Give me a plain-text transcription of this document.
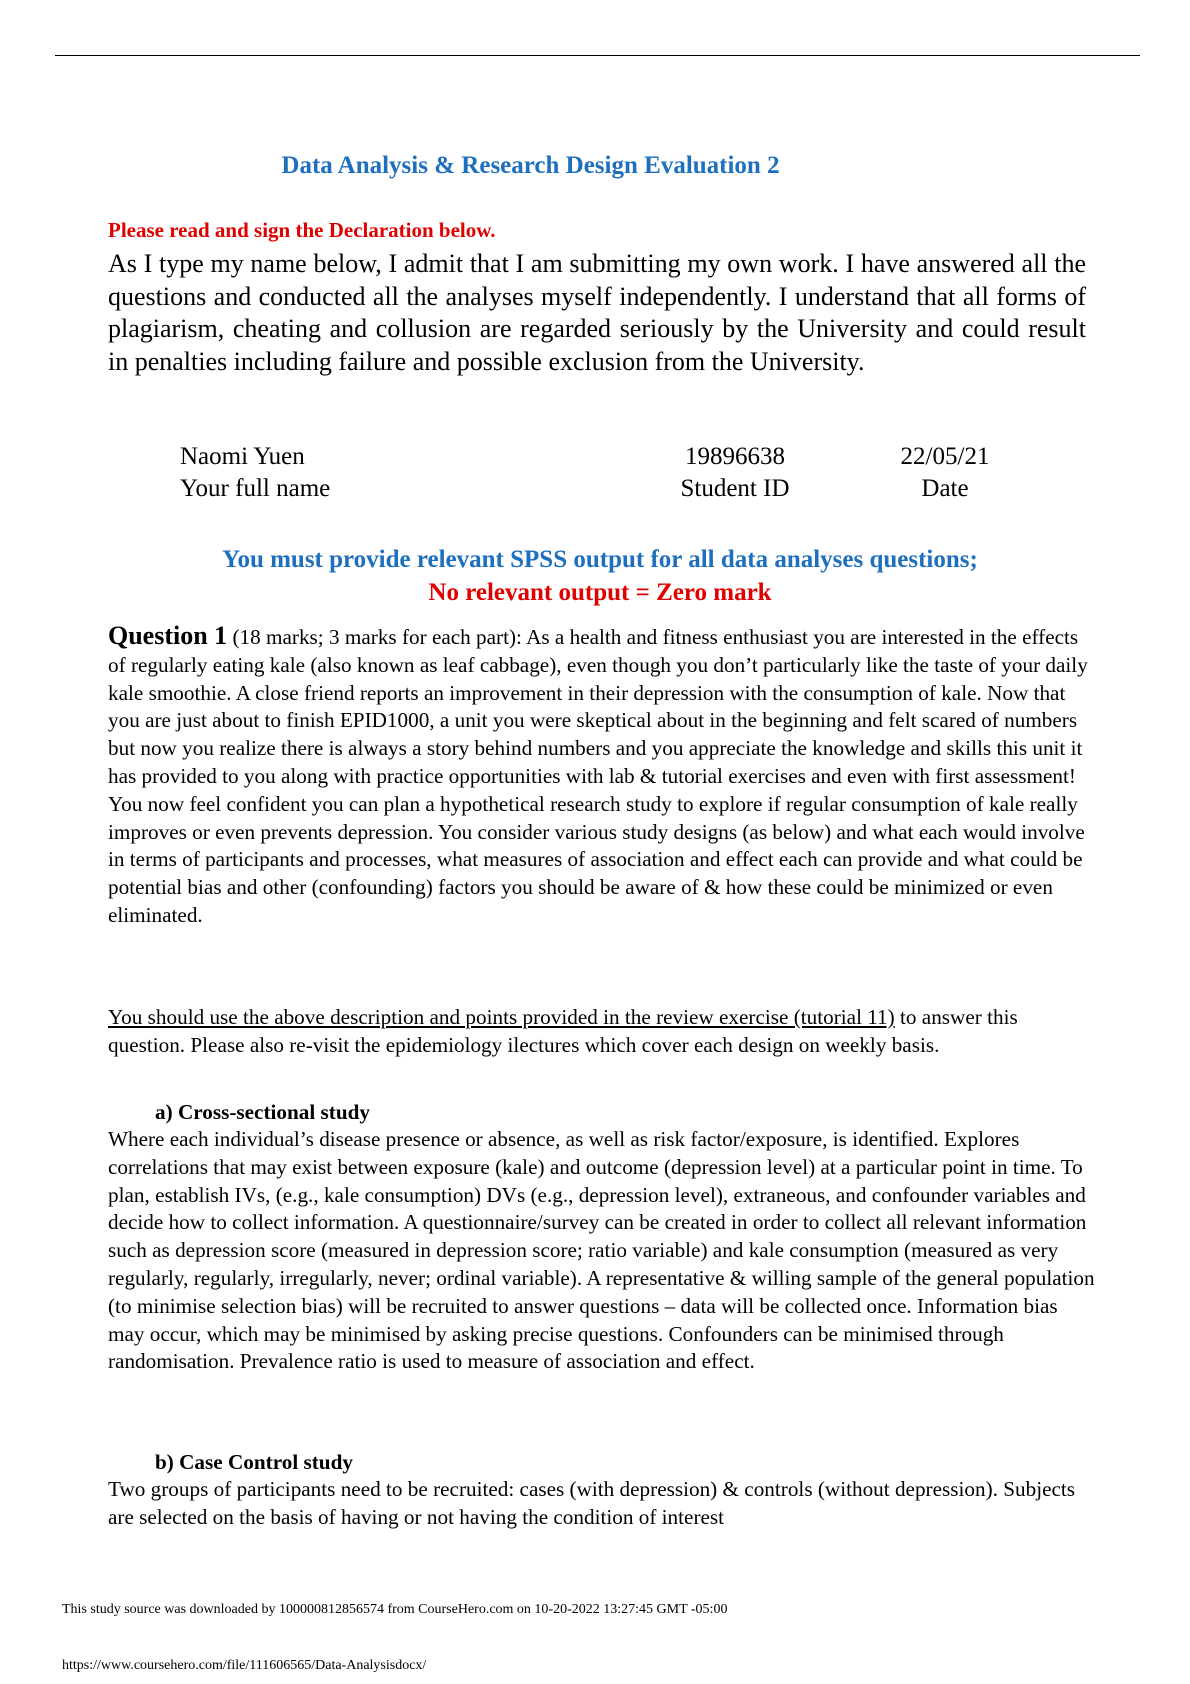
Data Analysis & Research Design Evaluation 2

Please read and sign the Declaration below.

As I type my name below, I admit that I am submitting my own work. I have answered all the questions and conducted all the analyses myself independently. I understand that all forms of plagiarism, cheating and collusion are regarded seriously by the University and could result in penalties including failure and possible exclusion from the University.

Naomi Yuen	19896638	22/05/21
Your full name	Student ID	Date
You must provide relevant SPSS output for all data analyses questions;
No relevant output = Zero mark

Question 1 (18 marks; 3 marks for each part): As a health and fitness enthusiast you are interested in the effects of regularly eating kale (also known as leaf cabbage), even though you don’t particularly like the taste of your daily kale smoothie. A close friend reports an improvement in their depression with the consumption of kale. Now that you are just about to finish EPID1000, a unit you were skeptical about in the beginning and felt scared of numbers but now you realize there is always a story behind numbers and you appreciate the knowledge and skills this unit it has provided to you along with practice opportunities with lab & tutorial exercises and even with first assessment! You now feel confident you can plan a hypothetical research study to explore if regular consumption of kale really improves or even prevents depression. You consider various study designs (as below) and what each would involve in terms of participants and processes, what measures of association and effect each can provide and what could be potential bias and other (confounding) factors you should be aware of & how these could be minimized or even eliminated.

You should use the above description and points provided in the review exercise (tutorial 11) to answer this question. Please also re-visit the epidemiology ilectures which cover each design on weekly basis.

a) Cross-sectional study

Where each individual’s disease presence or absence, as well as risk factor/exposure, is identified. Explores correlations that may exist between exposure (kale) and outcome (depression level) at a particular point in time. To plan, establish IVs, (e.g., kale consumption) DVs (e.g., depression level), extraneous, and confounder variables and decide how to collect information. A questionnaire/survey can be created in order to collect all relevant information such as depression score (measured in depression score; ratio variable) and kale consumption (measured as very regularly, regularly, irregularly, never; ordinal variable). A representative & willing sample of the general population (to minimise selection bias) will be recruited to answer questions – data will be collected once. Information bias may occur, which may be minimised by asking precise questions. Confounders can be minimised through randomisation. Prevalence ratio is used to measure of association and effect.

b) Case Control study

Two groups of participants need to be recruited: cases (with depression) & controls (without depression). Subjects are selected on the basis of having or not having the condition of interest

This study source was downloaded by 100000812856574 from CourseHero.com on 10-20-2022 13:27:45 GMT -05:00

https://www.coursehero.com/file/111606565/Data-Analysisdocx/
